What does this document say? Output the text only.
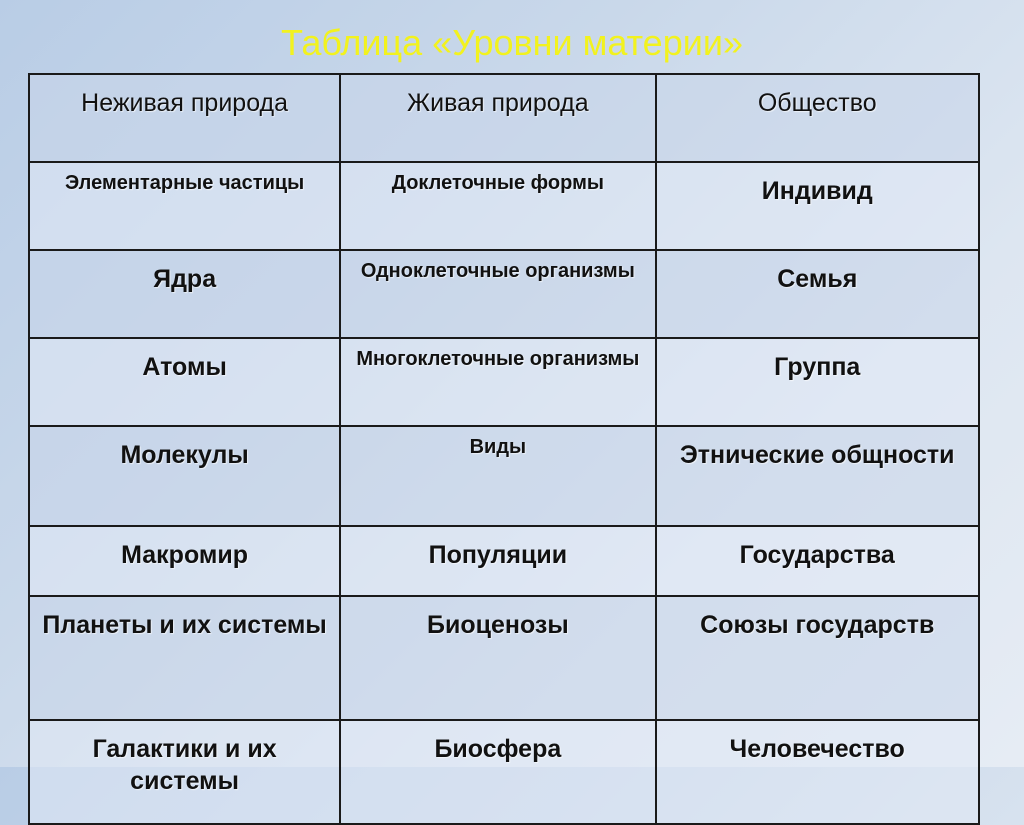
Таблица «Уровни материи»
Неживая природа	Живая природа	Общество
Элементарные частицы	Доклеточные формы	Индивид
Ядра	Одноклеточные организмы	Семья
Атомы	Многоклеточные организмы	Группа
Молекулы	Виды	Этнические общности
Макромир	Популяции	Государства
Планеты и их системы	Биоценозы	Союзы государств
Галактики и их системы	Биосфера	Человечество
